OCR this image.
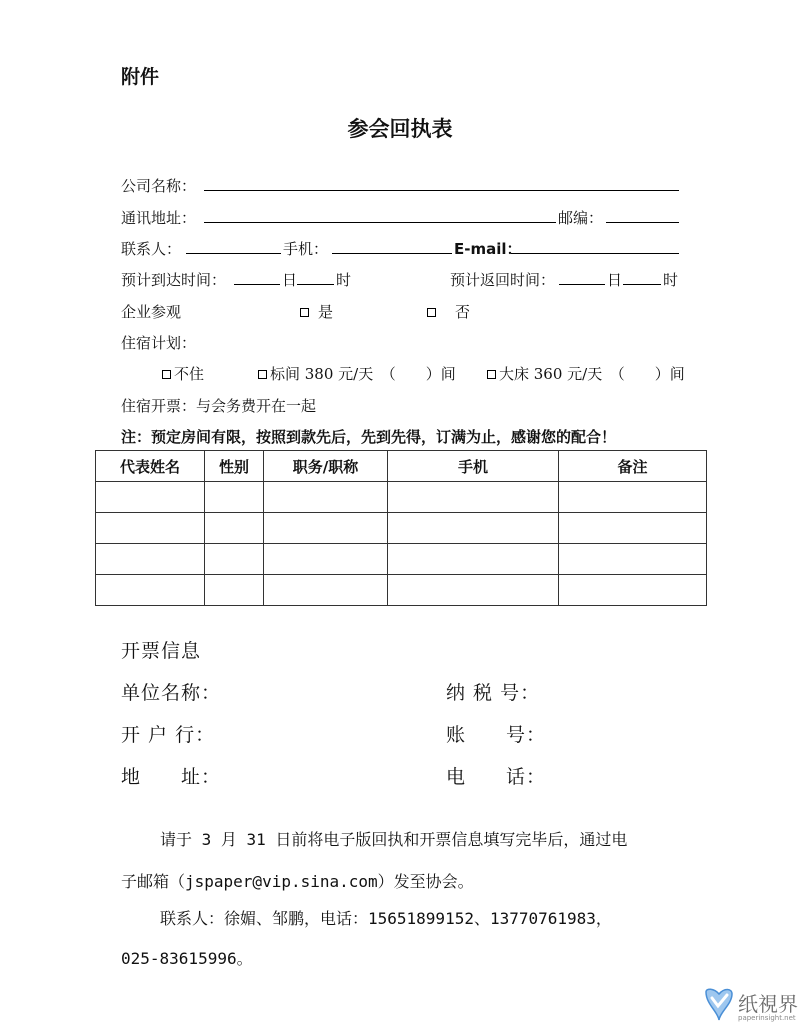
附件
参会回执表
公司名称：
通讯地址：	邮编：
联系人：	手机：	E-mail：
预计到达时间：	日	时	预计返回时间：	日	时
企业参观	是	否
住宿计划：
不住	标间 380 元/天　（　　）间	大床 360 元/天　（　　）间
住宿开票：与会务费开在一起
注：预定房间有限，按照到款先后，先到先得，订满为止，感谢您的配合！
代表姓名	性别	职务/职称	手机	备注

开票信息
单位名称：	纳 税 号：
开 户 行：	账　　号：
地　　址：	电　　话：
请于 3 月 31 日前将电子版回执和开票信息填写完毕后，通过电
子邮箱（jspaper@vip.sina.com）发至协会。
联系人：徐媚、邹鹏，电话：15651899152、13770761983，
025-83615996。
纸視界
paperinsight.net
